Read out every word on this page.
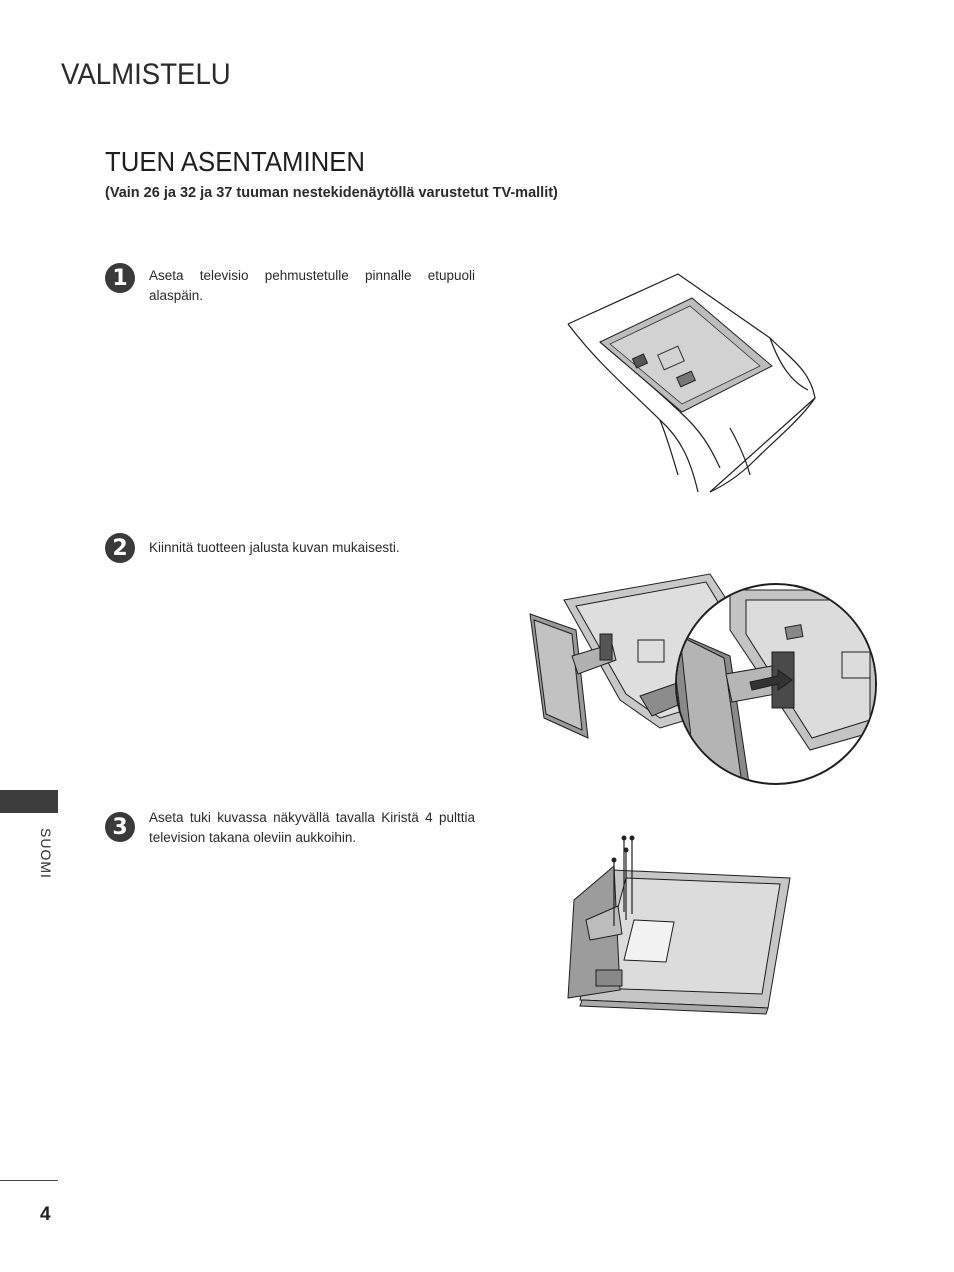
VALMISTELU
TUEN ASENTAMINEN
(Vain 26 ja 32 ja 37 tuuman nestekidenäytöllä varustetut TV-mallit)
1	Aseta televisio pehmustetulle pinnalle etupuoli alaspäin.
2	Kiinnitä tuotteen jalusta kuvan mukaisesti.
3	Aseta tuki kuvassa näkyvällä tavalla Kiristä 4 pulttia television takana oleviin aukkoihin.
SUOMI
4
